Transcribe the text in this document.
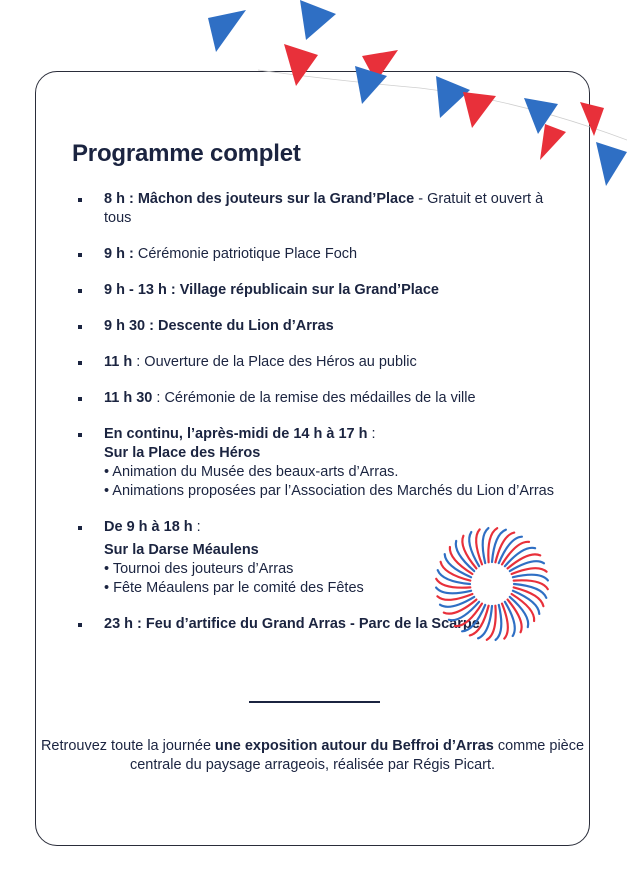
Programme complet
8 h : Mâchon des jouteurs sur la Grand’Place - Gratuit et ouvert à tous
9 h : Cérémonie patriotique Place Foch
9 h - 13 h : Village républicain sur la Grand’Place
9 h 30 : Descente du Lion d’Arras
11 h : Ouverture de la Place des Héros au public
11 h 30 : Cérémonie de la remise des médailles de la ville
En continu, l’après-midi de 14 h à 17 h :
Sur la Place des Héros
• Animation du Musée des beaux-arts d’Arras.
• Animations proposées par l’Association des Marchés du Lion d’Arras
De 9 h à 18 h :
Sur la Darse Méaulens
• Tournoi des jouteurs d’Arras
• Fête Méaulens par le comité des Fêtes
23 h : Feu d’artifice du Grand Arras - Parc de la Scarpe

Retrouvez toute la journée une exposition autour du Beffroi d’Arras comme pièce centrale du paysage arrageois, réalisée par Régis Picart.
